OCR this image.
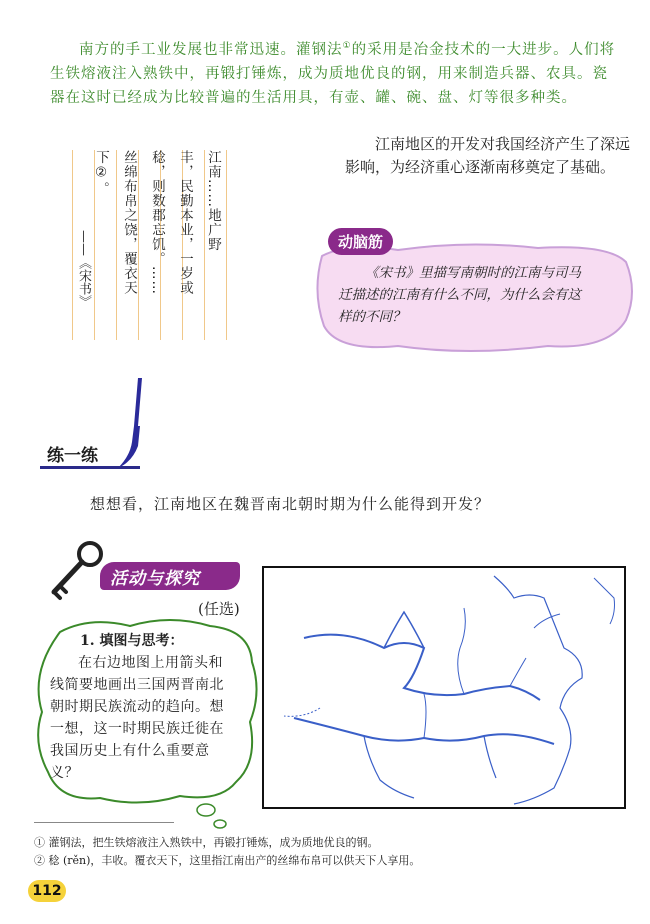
南方的手工业发展也非常迅速。灌钢法①的采用是冶金技术的一大进步。人们将生铁熔液注入熟铁中，再锻打锤炼，成为质地优良的钢，用来制造兵器、农具。瓷器在这时已经成为比较普遍的生活用具，有壶、罐、碗、盘、灯等很多种类。
江南地区的开发对我国经济产生了深远影响，为经济重心逐渐南移奠定了基础。
江南……地广野
丰，民勤本业，一岁或
稔，则数郡忘饥。……
丝绵布帛之饶，覆衣天
下②。
——《宋书》	动脑筋
《宋书》里描写南朝时的江南与司马迁描述的江南有什么不同，为什么会有这样的不同？
练一练
想想看，江南地区在魏晋南北朝时期为什么能得到开发？
活动与探究
(任选)
1. 填图与思考：
在右边地图上用箭头和线简要地画出三国两晋南北朝时期民族流动的趋向。想一想，这一时期民族迁徙在我国历史上有什么重要意义？
① 灌钢法，把生铁熔液注入熟铁中，再锻打锤炼，成为质地优良的钢。
② 稔 (rěn)，丰收。覆衣天下，这里指江南出产的丝绵布帛可以供天下人享用。
112
